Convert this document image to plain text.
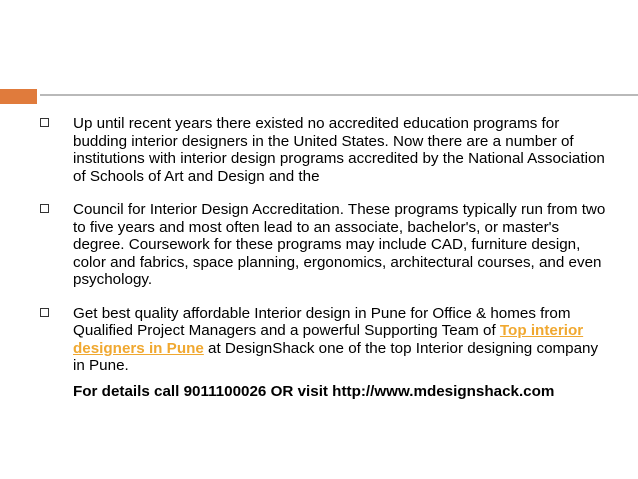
Up until recent years there existed no accredited education programs for budding interior designers in the United States. Now there are a number of institutions with interior design programs accredited by the National Association of Schools of Art and Design and the

Council for Interior Design Accreditation. These programs typically run from two to five years and most often lead to an associate, bachelor's, or master's degree. Coursework for these programs may include CAD, furniture design, color and fabrics, space planning, ergonomics, architectural courses, and even psychology.

Get best quality affordable Interior design in Pune for Office & homes from Qualified Project Managers and a powerful Supporting Team of Top interior designers in Pune at DesignShack one of the top Interior designing company in Pune.

For details call 9011100026 OR visit http://www.mdesignshack.com
